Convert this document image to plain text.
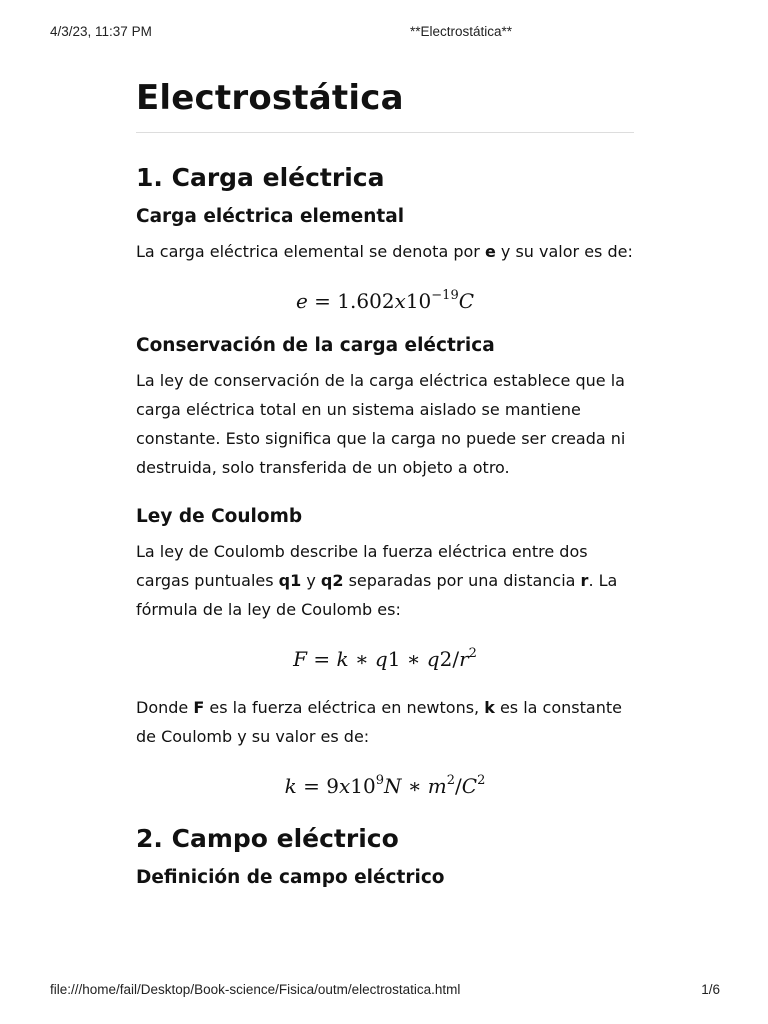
4/3/23, 11:37 PM	**Electrostática**
Electrostática
1. Carga eléctrica
Carga eléctrica elemental

La carga eléctrica elemental se denota por e y su valor es de:

$e = 1.602x10^{-19}C$
Conservación de la carga eléctrica

La ley de conservación de la carga eléctrica establece que la carga eléctrica total en un sistema aislado se mantiene constante. Esto significa que la carga no puede ser creada ni destruida, solo transferida de un objeto a otro.

Ley de Coulomb

La ley de Coulomb describe la fuerza eléctrica entre dos cargas puntuales q1 y q2 separadas por una distancia r. La fórmula de la ley de Coulomb es:

F = k ∗ q1 ∗ $q2/r^2$

Donde F es la fuerza eléctrica en newtons, k es la constante de Coulomb y su valor es de:

$k = 9x10^9N$ ∗ $m^2/C^2$
2. Campo eléctrico
Definición de campo eléctrico
file:///home/fail/Desktop/Book-science/Fisica/outm/electrostatica.html	1/6
